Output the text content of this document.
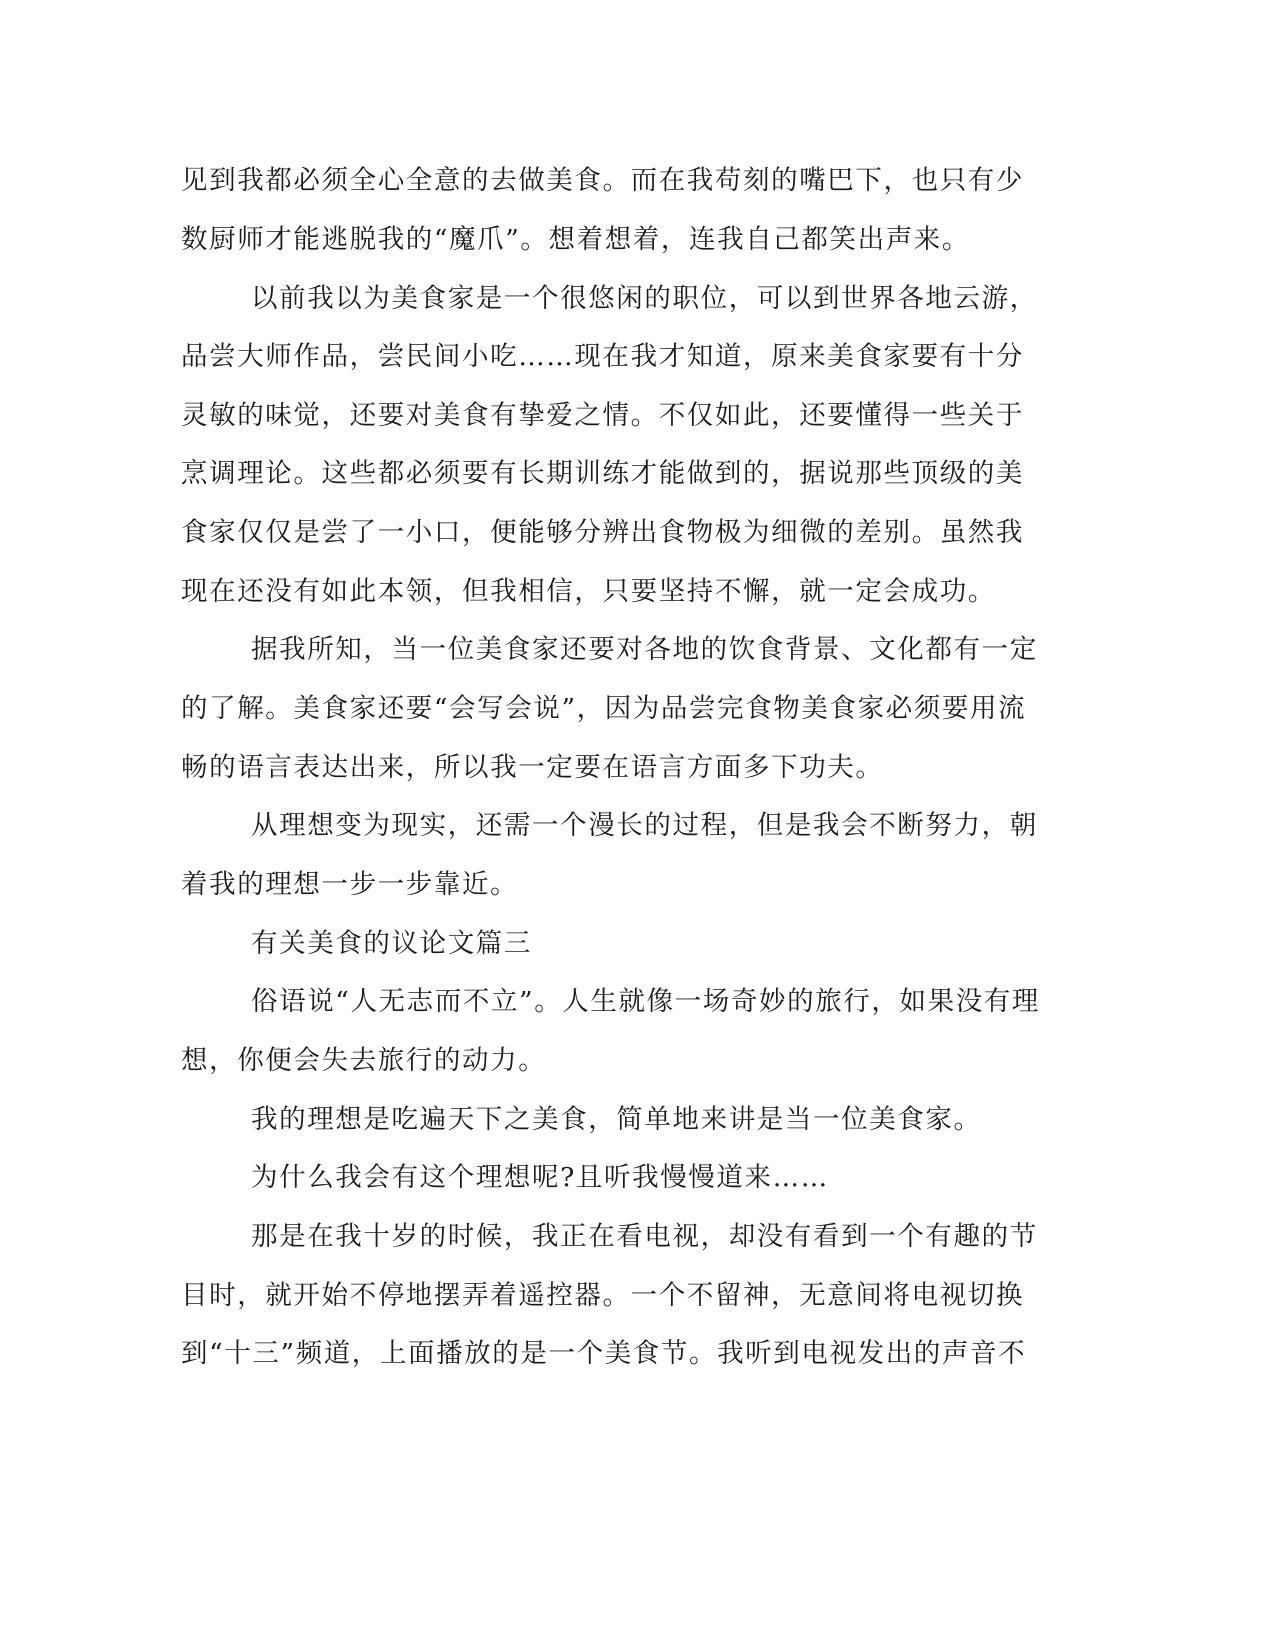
见到我都必须全心全意的去做美食。而在我苟刻的嘴巴下，也只有少
数厨师才能逃脱我的“魔爪”。想着想着，连我自己都笑出声来。
以前我以为美食家是一个很悠闲的职位，可以到世界各地云游，
品尝大师作品，尝民间小吃……现在我才知道，原来美食家要有十分
灵敏的味觉，还要对美食有挚爱之情。不仅如此，还要懂得一些关于
烹调理论。这些都必须要有长期训练才能做到的，据说那些顶级的美
食家仅仅是尝了一小口，便能够分辨出食物极为细微的差别。虽然我
现在还没有如此本领，但我相信，只要坚持不懈，就一定会成功。
据我所知，当一位美食家还要对各地的饮食背景、文化都有一定
的了解。美食家还要“会写会说”，因为品尝完食物美食家必须要用流
畅的语言表达出来，所以我一定要在语言方面多下功夫。
从理想变为现实，还需一个漫长的过程，但是我会不断努力，朝
着我的理想一步一步靠近。
有关美食的议论文篇三
俗语说“人无志而不立”。人生就像一场奇妙的旅行，如果没有理
想，你便会失去旅行的动力。
我的理想是吃遍天下之美食，简单地来讲是当一位美食家。
为什么我会有这个理想呢?且听我慢慢道来……
那是在我十岁的时候，我正在看电视，却没有看到一个有趣的节
目时，就开始不停地摆弄着遥控器。一个不留神，无意间将电视切换
到“十三”频道，上面播放的是一个美食节。我听到电视发出的声音不
